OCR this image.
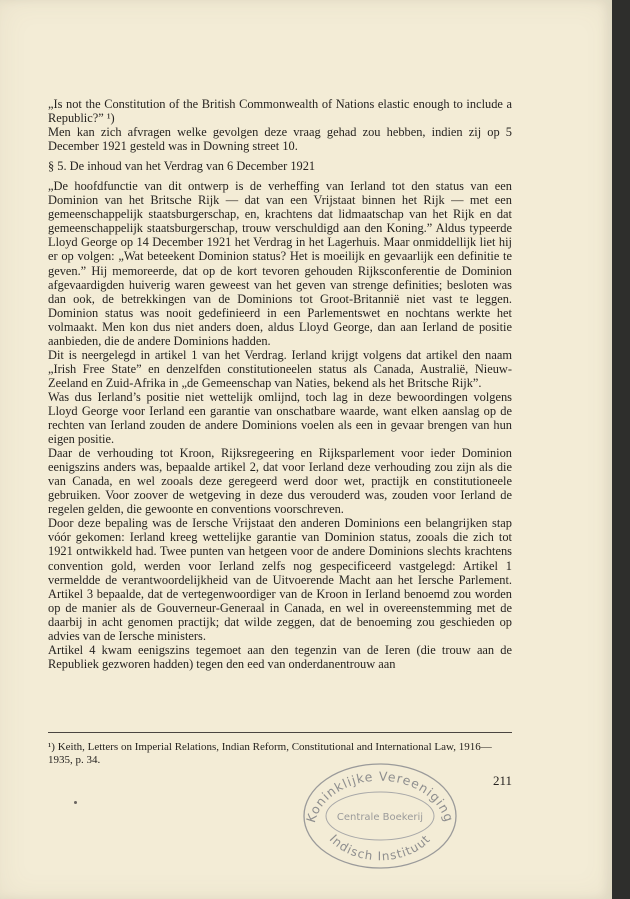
„Is not the Constitution of the British Commonwealth of Nations elastic enough to include a Republic?” ¹)

Men kan zich afvragen welke gevolgen deze vraag gehad zou hebben, indien zij op 5 December 1921 gesteld was in Downing street 10.

§ 5. De inhoud van het Verdrag van 6 December 1921

„De hoofdfunctie van dit ontwerp is de verheffing van Ierland tot den status van een Dominion van het Britsche Rijk — dat van een Vrijstaat binnen het Rijk — met een gemeenschappelijk staatsburgerschap, en, krachtens dat lidmaatschap van het Rijk en dat gemeenschappelijk staatsburgerschap, trouw verschuldigd aan den Koning.” Aldus typeerde Lloyd George op 14 December 1921 het Verdrag in het Lagerhuis. Maar onmiddellijk liet hij er op volgen: „Wat beteekent Dominion status? Het is moeilijk en gevaarlijk een definitie te geven.” Hij memoreerde, dat op de kort tevoren gehouden Rijksconferentie de Dominion afgevaardigden huiverig waren geweest van het geven van strenge definities; besloten was dan ook, de betrekkingen van de Dominions tot Groot-Britannië niet vast te leggen. Dominion status was nooit gedefinieerd in een Parlementswet en nochtans werkte het volmaakt. Men kon dus niet anders doen, aldus Lloyd George, dan aan Ierland de positie aanbieden, die de andere Dominions hadden.

Dit is neergelegd in artikel 1 van het Verdrag. Ierland krijgt volgens dat artikel den naam „Irish Free State” en denzelfden constitutioneelen status als Canada, Australië, Nieuw-Zeeland en Zuid-Afrika in „de Gemeenschap van Naties, bekend als het Britsche Rijk”.

Was dus Ierland’s positie niet wettelijk omlijnd, toch lag in deze bewoordingen volgens Lloyd George voor Ierland een garantie van onschatbare waarde, want elken aanslag op de rechten van Ierland zouden de andere Dominions voelen als een in gevaar brengen van hun eigen positie.

Daar de verhouding tot Kroon, Rijksregeering en Rijksparlement voor ieder Dominion eenigszins anders was, bepaalde artikel 2, dat voor Ierland deze verhouding zou zijn als die van Canada, en wel zooals deze geregeerd werd door wet, practijk en constitutioneele gebruiken. Voor zoover de wetgeving in deze dus verouderd was, zouden voor Ierland de regelen gelden, die gewoonte en conventions voorschreven.

Door deze bepaling was de Iersche Vrijstaat den anderen Dominions een belangrijken stap vóór gekomen: Ierland kreeg wettelijke garantie van Dominion status, zooals die zich tot 1921 ontwikkeld had. Twee punten van hetgeen voor de andere Dominions slechts krachtens convention gold, werden voor Ierland zelfs nog gespecificeerd vastgelegd: Artikel 1 vermeldde de verantwoordelijkheid van de Uitvoerende Macht aan het Iersche Parlement. Artikel 3 bepaalde, dat de vertegenwoordiger van de Kroon in Ierland benoemd zou worden op de manier als de Gouverneur-Generaal in Canada, en wel in overeenstemming met de daarbij in acht genomen practijk; dat wilde zeggen, dat de benoeming zou geschieden op advies van de Iersche ministers.

Artikel 4 kwam eenigszins tegemoet aan den tegenzin van de Ieren (die trouw aan de Republiek gezworen hadden) tegen den eed van onderdanentrouw aan

¹) Keith, Letters on Imperial Relations, Indian Reform, Constitutional and International Law, 1916—1935, p. 34.
211
Koninklijke Vereeniging
Centrale Boekerij
Indisch Instituut
